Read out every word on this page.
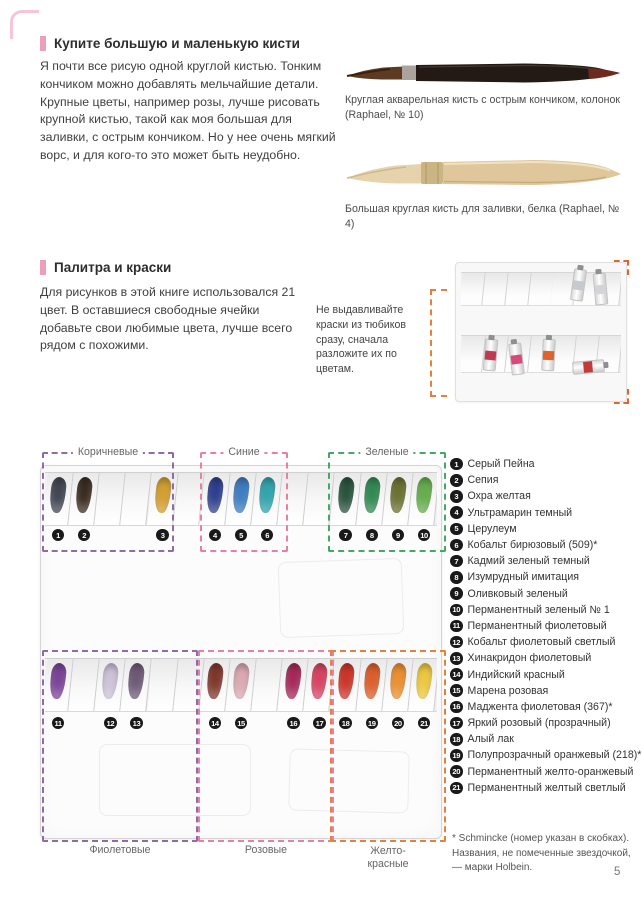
Купите большую и маленькую кисти

Я почти все рисую одной круглой кистью. Тонким кончиком можно добавлять мельчайшие детали. Крупные цветы, например розы, лучше рисовать крупной кистью, такой как моя большая для заливки, с острым кончиком. Но у нее очень мягкий ворс, и для кого-то это может быть неудобно.

Круглая акварельная кисть с острым кончиком, колонок (Raphael, № 10)

Большая круглая кисть для заливки, белка (Raphael, № 4)

Палитра и краски

Для рисунков в этой книге использовался 21 цвет. В оставшиеся свободные ячейки добавьте свои любимые цвета, лучше всего рядом с похожими.

Не выдавливайте краски из тюбиков сразу, сначала разложите их по цветам.

1	2	3	4	5	6	7	8	9	10
11	12	13	14	15	16	17	18	19	20	21
Коричневые	Синие	Зеленые
Фиолетовые	Розовые	Желто-красные
1 Серый Пейна
2 Сепия
3 Охра желтая
4 Ультрамарин темный
5 Церулеум
6 Кобальт бирюзовый (509)*
7 Кадмий зеленый темный
8 Изумрудный имитация
9 Оливковый зеленый
10 Перманентный зеленый № 1
11 Перманентный фиолетовый
12 Кобальт фиолетовый светлый
13 Хинакридон фиолетовый
14 Индийский красный
15 Марена розовая
16 Маджента фиолетовая (367)*
17 Яркий розовый (прозрачный)
18 Алый лак
19 Полупрозрачный оранжевый (218)*
20 Перманентный желто-оранжевый
21 Перманентный желтый светлый

* Schmincke (номер указан в скобках). Названия, не помеченные звездочкой, — марки Holbein.	5
